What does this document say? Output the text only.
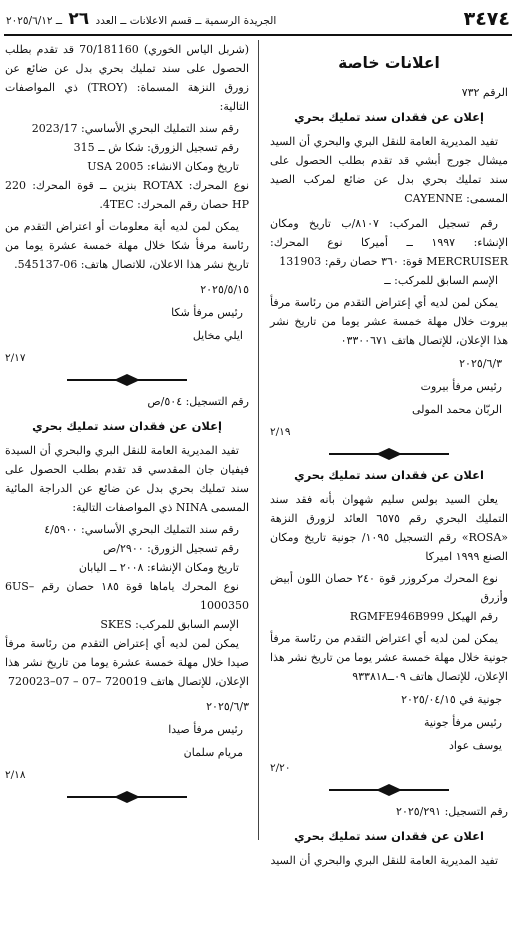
٣٤٧٤
الجريدة الرسمية ــ قسم الاعلانات ــ العدد ٢٦ ــ ٢٠٢٥/٦/١٢
اعلانات خاصة

الرقم ٧٣٢

إعلان عن فقدان سند تمليك بحري

تفيد المديرية العامة للنقل البري والبحري أن السيد ميشال جورج أبشي قد تقدم بطلب الحصول على سند تمليك بحري بدل عن ضائع لمركب الصيد المسمى: CAYENNE

رقم تسجيل المركب: ٨١٠٧/ب تاريخ ومكان الإنشاء: ١٩٩٧ ــ أميركا نوع المحرك: MERCRUISER قوة: ٣٦٠ حصان رقم: 131903

الإسم السابق للمركب: ــ

يمكن لمن لديه أي إعتراض التقدم من رئاسة مرفأ بيروت خلال مهلة خمسة عشر يوما من تاريخ نشر هذا الإعلان، للإتصال هاتف ٠٣٣٠٠٦٧١

٢٠٢٥/٦/٣

رئيس مرفأ بيروت

الربّان محمد المولى

٢/١٩
اعلان عن فقدان سند تمليك بحري

يعلن السيد بولس سليم شهوان بأنه فقد سند التمليك البحري رقم ٦٥٧٥ العائد لزورق النزهة «ROSA» رقم التسجيل ١٠٩٥/ جونية تاريخ ومكان الصنع ١٩٩٩ اميركا

نوع المحرك مركروزر قوة ٢٤٠ حصان اللون أبيض وأزرق

رقم الهيكل RGMFE946B999

يمكن لمن لديه أي اعتراض التقدم من رئاسة مرفأ جونية خلال مهلة خمسة عشر يوما من تاريخ نشر هذا الإعلان، للإتصال هاتف ٠٩ــ٩٣٣٨١٨

جونية في ٢٠٢٥/٠٤/١٥

رئيس مرفأ جونية

يوسف عواد

٢/٢٠

رقم التسجيل: ٢٠٢٥/٢٩١

اعلان عن فقدان سند تمليك بحري

تفيد المديرية العامة للنقل البري والبحري أن السيد

(شربل الياس الخوري) 70/181160 قد تقدم بطلب الحصول على سند تمليك بحري بدل عن ضائع عن زورق النزهة المسماة: (TROY) ذي المواصفات التالية:

رقم سند التمليك البحري الأساسي: 2023/17

رقم تسجيل الزورق: شكا ش ــ 315

تاريخ ومكان الانشاء: USA 2005

نوع المحرك: ROTAX بنزين ــ قوة المحرك: 220 HP حصان رقم المحرك: 4TEC.

يمكن لمن لديه أية معلومات أو اعتراض التقدم من رئاسة مرفأ شكا خلال مهلة خمسة عشرة يوما من تاريخ نشر هذا الاعلان، للاتصال هاتف: 06-545137.

٢٠٢٥/٥/١٥

رئيس مرفأ شكا

ايلي مخايل

٢/١٧

رقم التسجيل: ٥٠٤/ص

إعلان عن فقدان سند تمليك بحري

تفيد المديرية العامة للنقل البري والبحري أن السيدة فيفيان جان المقدسي قد تقدم بطلب الحصول على سند تمليك بحري بدل عن ضائع عن الدراجة المائية المسمى NINA ذي المواصفات التالية:

رقم سند التمليك البحري الأساسي: ٤/٥٩٠٠

رقم تسجيل الزورق: ٢٩٠٠/ص

تاريخ ومكان الإنشاء: ٢٠٠٨ ــ اليابان

نوع المحرك ياماها قوة ١٨٥ حصان رقم 6US– 1000350

الإسم السابق للمركب: SKES

يمكن لمن لديه أي إعتراض التقدم من رئاسة مرفأ صيدا خلال مهلة خمسة عشرة يوما من تاريخ نشر هذا الإعلان، للإتصال هاتف 720019 –07 – 07–720023

٢٠٢٥/٦/٣

رئيس مرفأ صيدا

مريام سلمان

٢/١٨
